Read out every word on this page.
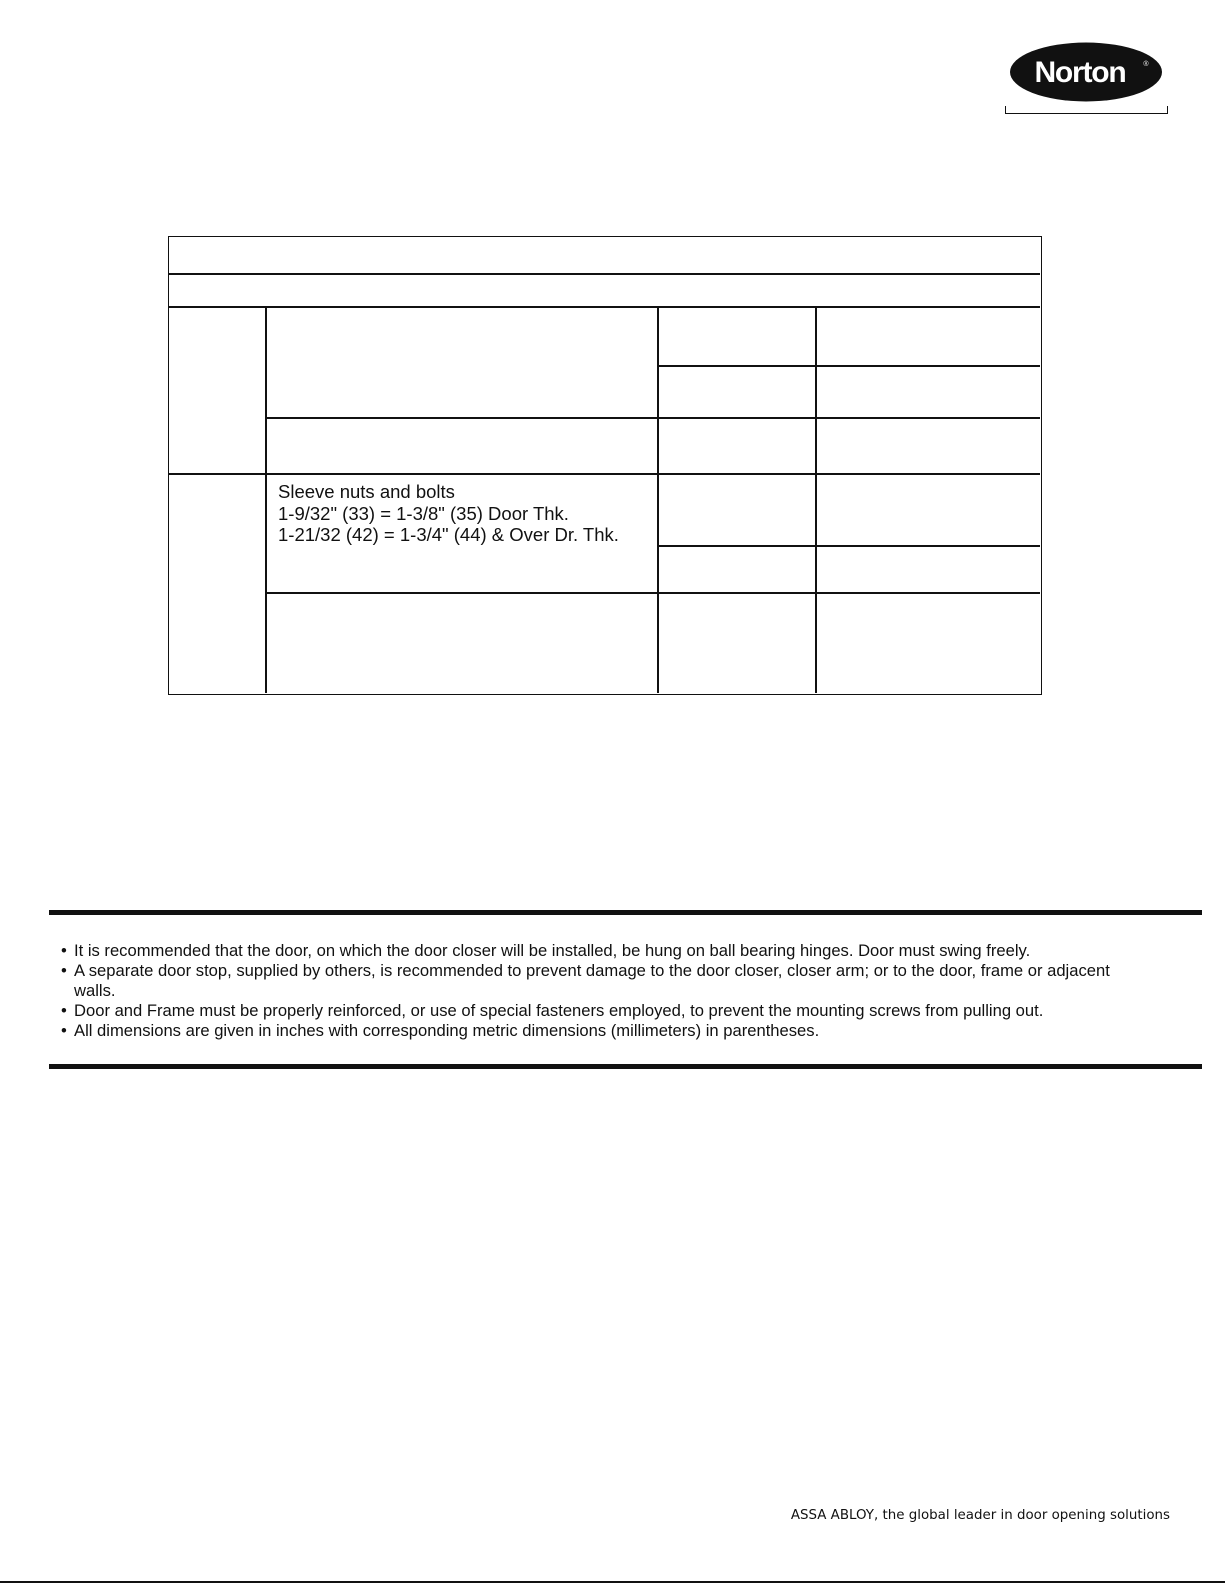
Norton	®
Sleeve nuts and bolts
1-9/32" (33) = 1-3/8" (35) Door Thk.
1-21/32 (42) = 1-3/4" (44) & Over Dr. Thk.
• It is recommended that the door, on which the door closer will be installed, be hung on ball bearing hinges. Door must swing freely.
• A separate door stop, supplied by others, is recommended to prevent damage to the door closer, closer arm; or to the door, frame or adjacent walls.
• Door and Frame must be properly reinforced, or use of special fasteners employed, to prevent the mounting screws from pulling out.
• All dimensions are given in inches with corresponding metric dimensions (millimeters) in parentheses.
ASSA ABLOY, the global leader in door opening solutions
